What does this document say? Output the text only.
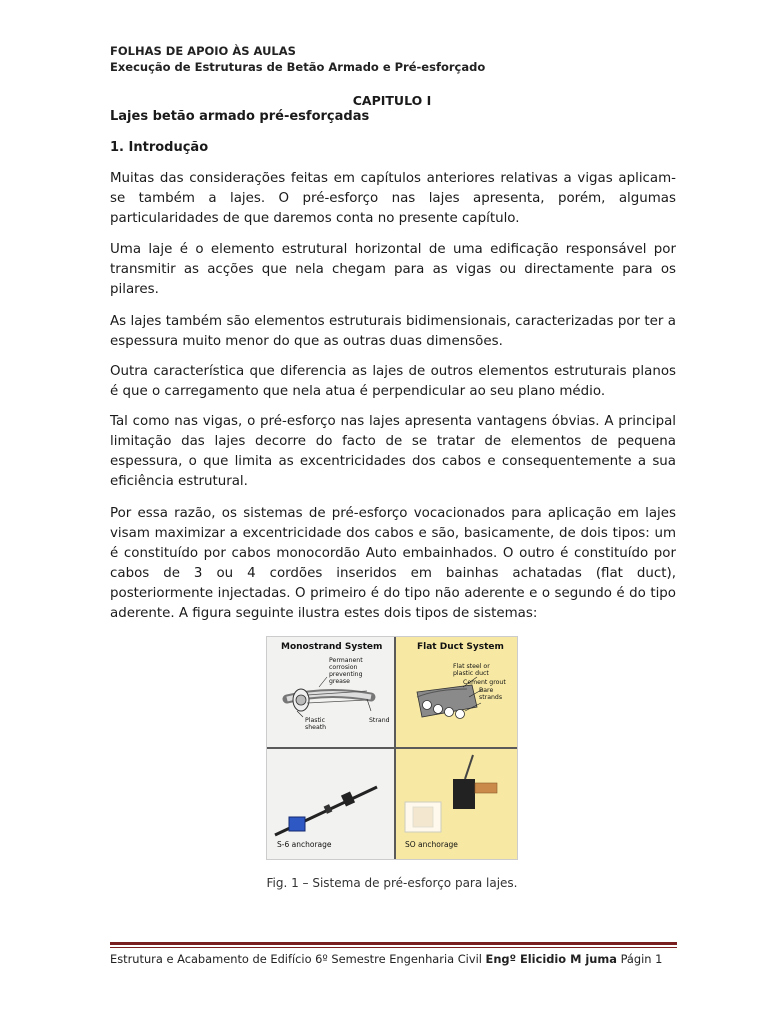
FOLHAS DE APOIO ÀS AULAS
Execução de Estruturas de Betão Armado e Pré-esforçado
CAPITULO I
Lajes betão armado pré-esforçadas
1. Introdução

Muitas das considerações feitas em capítulos anteriores relativas a vigas aplicam-se também a lajes. O pré-esforço nas lajes apresenta, porém, algumas particularidades de que daremos conta no presente capítulo.

Uma laje é o elemento estrutural horizontal de uma edificação responsável por transmitir as acções que nela chegam para as vigas ou directamente para os pilares.

As lajes também são elementos estruturais bidimensionais, caracterizadas por ter a espessura muito menor do que as outras duas dimensões.

Outra característica que diferencia as lajes de outros elementos estruturais planos é que o carregamento que nela atua é perpendicular ao seu plano médio.

Tal como nas vigas, o pré-esforço nas lajes apresenta vantagens óbvias. A principal limitação das lajes decorre do facto de se tratar de elementos de pequena espessura, o que limita as excentricidades dos cabos e consequentemente a sua eficiência estrutural.

Por essa razão, os sistemas de pré-esforço vocacionados para aplicação em lajes visam maximizar a excentricidade dos cabos e são, basicamente, de dois tipos: um é constituído por cabos monocordão Auto embainhados. O outro é constituído por cabos de 3 ou 4 cordões inseridos em bainhas achatadas (flat duct), posteriormente injectadas. O primeiro é do tipo não aderente e o segundo é do tipo aderente. A figura seguinte ilustra estes dois tipos de sistemas:

Monostrand System	Flat Duct System
Permanent corrosion preventing grease
Strand
Plastic sheath
Flat steel or plastic duct
Cement grout
Bare strands
S-6 anchorage	SO anchorage
Fig. 1 – Sistema de pré-esforço para lajes.
Estrutura e Acabamento de Edifício 6º Semestre Engenharia Civil Engº Elicidio M juma Págin 1
